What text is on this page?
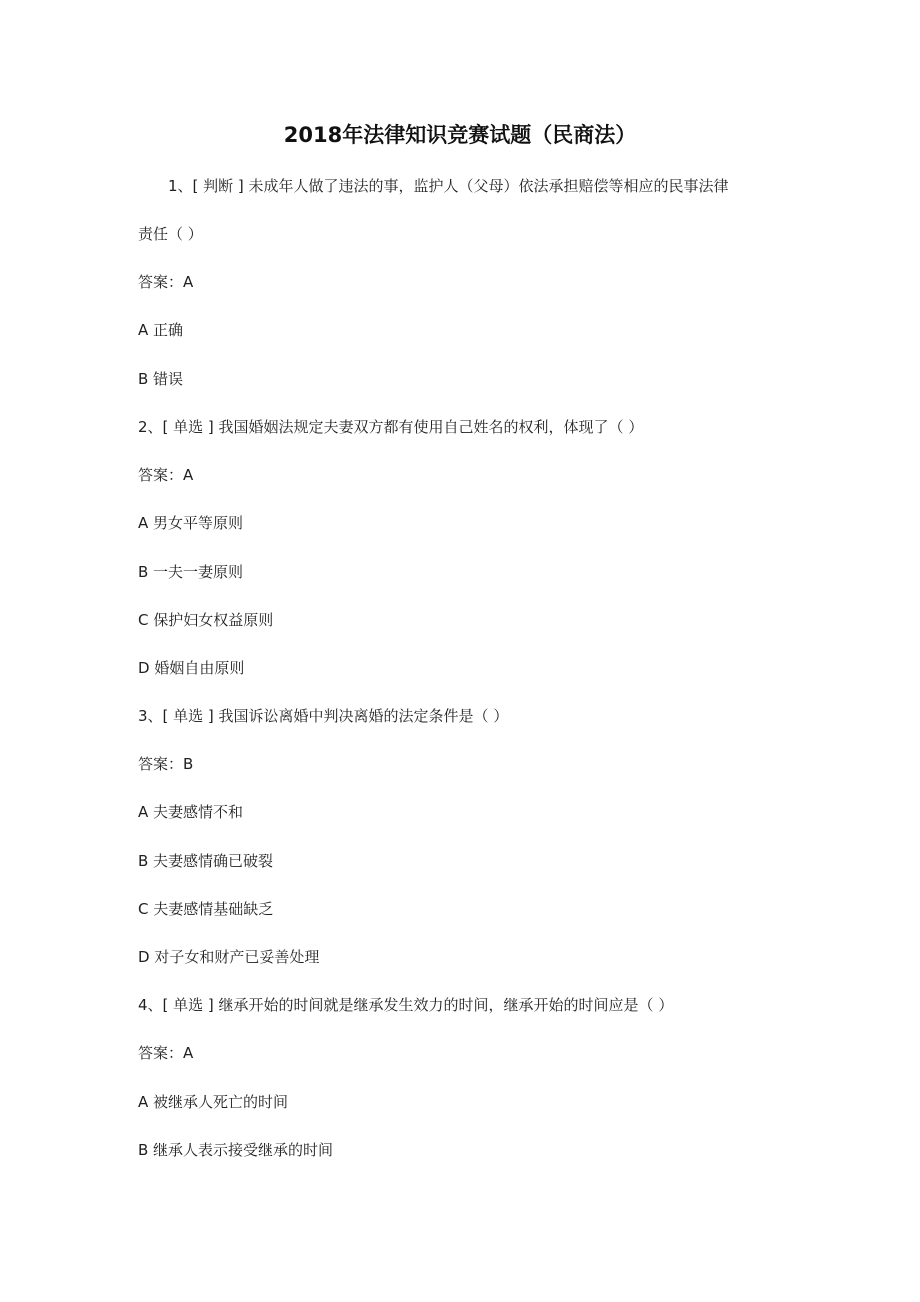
2018年法律知识竞赛试题（民商法）
1、[ 判断 ] 未成年人做了违法的事，监护人（父母）依法承担赔偿等相应的民事法律
责任（ ）
答案：A
A 正确
B 错误
2、[ 单选 ] 我国婚姻法规定夫妻双方都有使用自己姓名的权利，体现了（ ）
答案：A
A 男女平等原则
B 一夫一妻原则
C 保护妇女权益原则
D 婚姻自由原则
3、[ 单选 ] 我国诉讼离婚中判决离婚的法定条件是（ ）
答案：B
A 夫妻感情不和
B 夫妻感情确已破裂
C 夫妻感情基础缺乏
D 对子女和财产已妥善处理
4、[ 单选 ] 继承开始的时间就是继承发生效力的时间，继承开始的时间应是（ ）
答案：A
A 被继承人死亡的时间
B 继承人表示接受继承的时间
